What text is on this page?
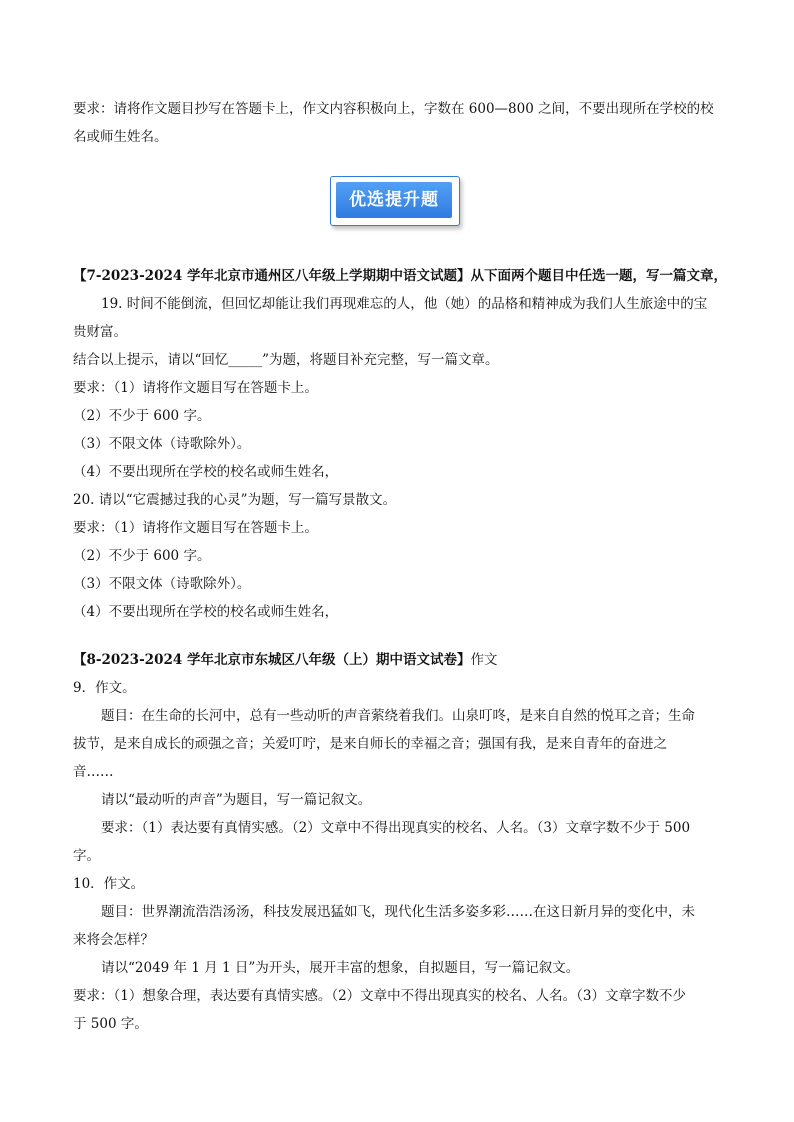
要求：请将作文题目抄写在答题卡上，作文内容积极向上，字数在 600—800 之间，不要出现所在学校的校
名或师生姓名。
优选提升题
【7-2023-2024 学年北京市通州区八年级上学期期中语文试题】从下面两个题目中任选一题，写一篇文章，
19. 时间不能倒流，但回忆却能让我们再现难忘的人，他（她）的品格和精神成为我们人生旅途中的宝
贵财富。
结合以上提示，请以“回忆_____”为题，将题目补充完整，写一篇文章。
要求：（1）请将作文题目写在答题卡上。
（2）不少于 600 字。
（3）不限文体（诗歌除外）。
（4）不要出现所在学校的校名或师生姓名，
20. 请以“它震撼过我的心灵”为题，写一篇写景散文。
要求：（1）请将作文题目写在答题卡上。
（2）不少于 600 字。
（3）不限文体（诗歌除外）。
（4）不要出现所在学校的校名或师生姓名，
【8-2023-2024 学年北京市东城区八年级（上）期中语文试卷】作文
9．作文。
题目：在生命的长河中，总有一些动听的声音萦绕着我们。山泉叮咚，是来自自然的悦耳之音；生命
拔节，是来自成长的顽强之音；关爱叮咛，是来自师长的幸福之音；强国有我，是来自青年的奋进之
音……
请以“最动听的声音”为题目，写一篇记叙文。
要求：（1）表达要有真情实感。（2）文章中不得出现真实的校名、人名。（3）文章字数不少于 500
字。
10．作文。
题目：世界潮流浩浩汤汤，科技发展迅猛如飞，现代化生活多姿多彩……在这日新月异的变化中，未
来将会怎样？
请以“2049 年 1 月 1 日”为开头，展开丰富的想象，自拟题目，写一篇记叙文。
要求：（1）想象合理，表达要有真情实感。（2）文章中不得出现真实的校名、人名。（3）文章字数不少
于 500 字。
